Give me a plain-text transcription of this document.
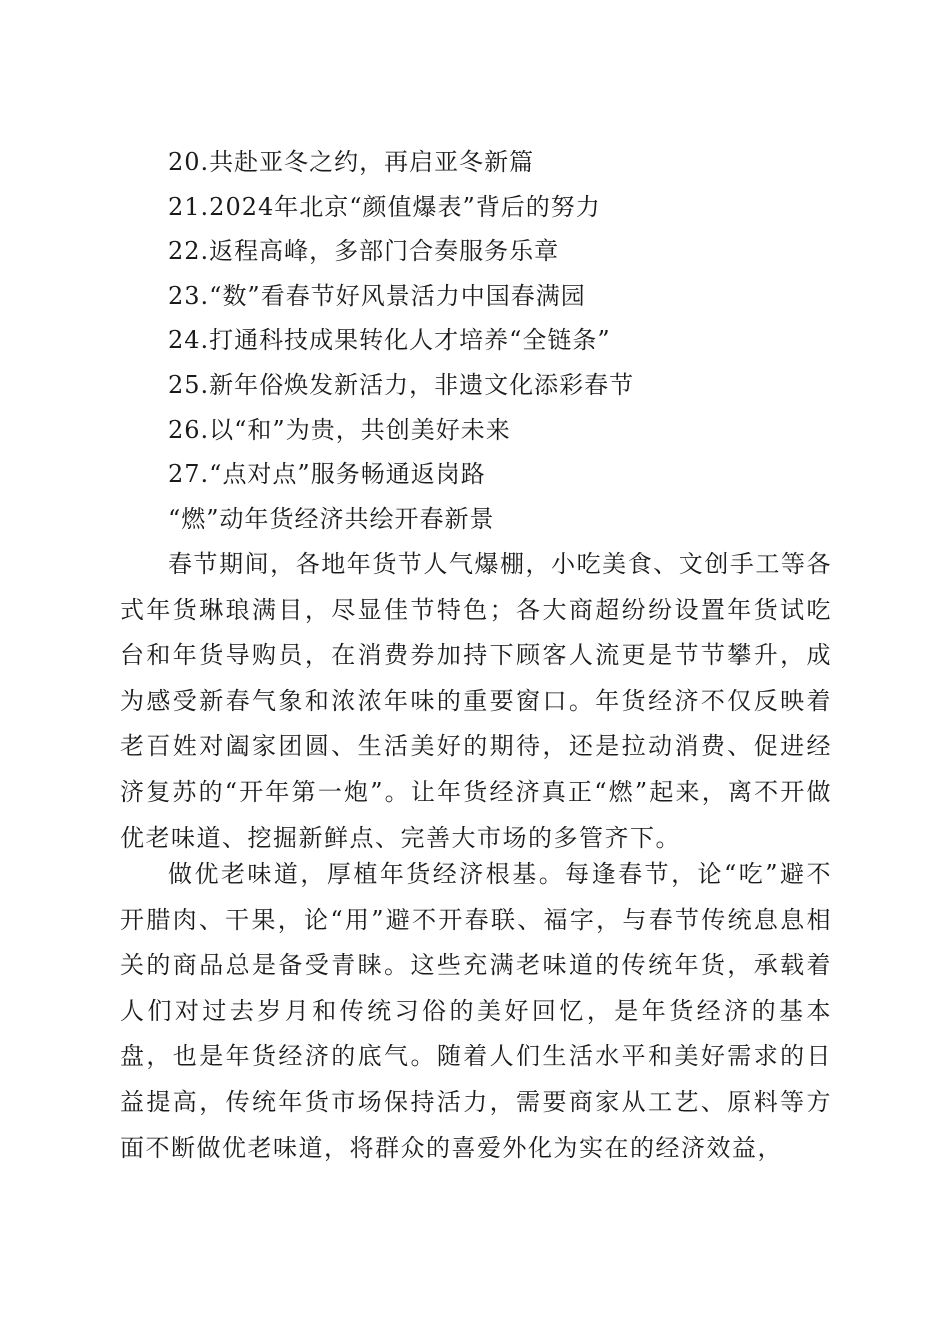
20.共赴亚冬之约，再启亚冬新篇
21.2024年北京“颜值爆表”背后的努力
22.返程高峰，多部门合奏服务乐章
23.“数”看春节好风景活力中国春满园
24.打通科技成果转化人才培养“全链条”
25.新年俗焕发新活力，非遗文化添彩春节
26.以“和”为贵，共创美好未来
27.“点对点”服务畅通返岗路
“燃”动年货经济共绘开春新景

春节期间，各地年货节人气爆棚，小吃美食、文创手工等各式年货琳琅满目，尽显佳节特色；各大商超纷纷设置年货试吃台和年货导购员，在消费券加持下顾客人流更是节节攀升，成为感受新春气象和浓浓年味的重要窗口。年货经济不仅反映着老百姓对阖家团圆、生活美好的期待，还是拉动消费、促进经济复苏的“开年第一炮”。让年货经济真正“燃”起来，离不开做优老味道、挖掘新鲜点、完善大市场的多管齐下。

做优老味道，厚植年货经济根基。每逢春节，论“吃”避不开腊肉、干果，论“用”避不开春联、福字，与春节传统息息相关的商品总是备受青睐。这些充满老味道的传统年货，承载着人们对过去岁月和传统习俗的美好回忆，是年货经济的基本盘，也是年货经济的底气。随着人们生活水平和美好需求的日益提高，传统年货市场保持活力，需要商家从工艺、原料等方面不断做优老味道，将群众的喜爱外化为实在的经济效益，
